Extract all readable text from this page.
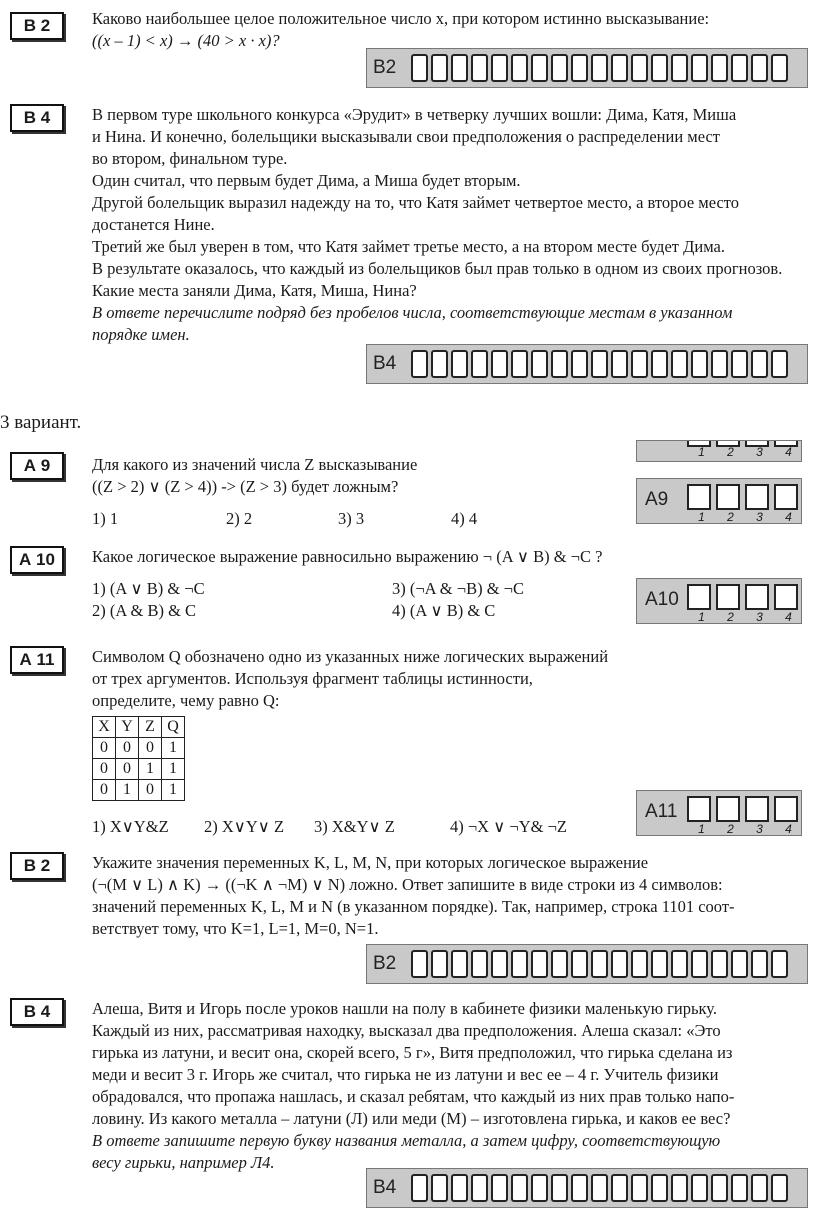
В 2	Каково наибольшее целое положительное число x, при котором истинно высказывание:

((x – 1) < x) → (40 > x · x)?

В2
В 4	В первом туре школьного конкурса «Эрудит» в четверку лучших вошли: Дима, Катя, Миша

и Нина. И конечно, болельщики высказывали свои предположения о распределении мест

во втором, финальном туре.

Один считал, что первым будет Дима, а Миша будет вторым.

Другой болельщик выразил надежду на то, что Катя займет четвертое место, а второе место

достанется Нине.

Третий же был уверен в том, что Катя займет третье место, а на втором месте будет Дима.

В результате оказалось, что каждый из болельщиков был прав только в одном из своих прогнозов.

Какие места заняли Дима, Катя, Миша, Нина?

В ответе перечислите подряд без пробелов числа, соответствующие местам в указанном

порядке имен.

В4
3 вариант.
1	2	3	4
А 9	Для какого из значений числа Z высказывание

((Z > 2) ∨ (Z > 4)) -> (Z > 3) будет ложным?

1) 1	2) 2	3) 3	4) 4
А9
1	2	3	4
А 10	Какое логическое выражение равносильно выражению ¬ (A ∨ B) & ¬C ?

1) (A ∨ B) & ¬C	3) (¬A & ¬B) & ¬C
2) (A & B) & C	4) (A ∨ B) & C
А10
1	2	3	4
А 11	Символом Q обозначено одно из указанных ниже логических выражений

от трех аргументов. Используя фрагмент таблицы истинности,

определите, чему равно Q:

X	Y	Z	Q
0	0	0	1
0	0	1	1
0	1	0	1
1) X∨Y&Z 2) X∨Y∨ Z 3) X&Y∨ Z	4) ¬X ∨ ¬Y& ¬Z
А11
1	2	3	4
В 2	Укажите значения переменных K, L, M, N, при которых логическое выражение

(¬(M ∨ L) ∧ K) → ((¬K ∧ ¬M) ∨ N) ложно. Ответ запишите в виде строки из 4 символов:

значений переменных K, L, M и N (в указанном порядке). Так, например, строка 1101 соот-

ветствует тому, что K=1, L=1, M=0, N=1.

В2
В 4	Алеша, Витя и Игорь после уроков нашли на полу в кабинете физики маленькую гирьку.

Каждый из них, рассматривая находку, высказал два предположения. Алеша сказал: «Это

гирька из латуни, и весит она, скорей всего, 5 г», Витя предположил, что гирька сделана из

меди и весит 3 г. Игорь же считал, что гирька не из латуни и вес ее – 4 г. Учитель физики

обрадовался, что пропажа нашлась, и сказал ребятам, что каждый из них прав только напо-

ловину. Из какого металла – латуни (Л) или меди (М) – изготовлена гирька, и каков ее вес?

В ответе запишите первую букву названия металла, а затем цифру, соответствующую

весу гирьки, например Л4.

В4
